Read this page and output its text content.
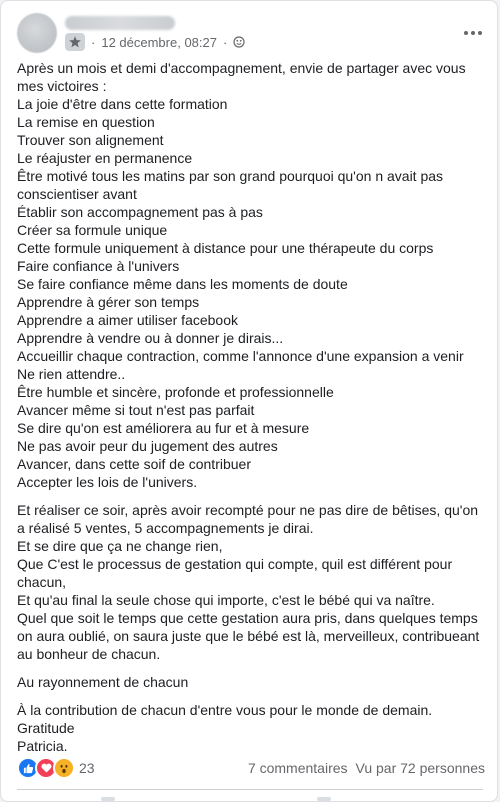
· 12 décembre, 08:27 ·

Après un mois et demi d'accompagnement, envie de partager avec vous mes victoires :
La joie d'être dans cette formation
La remise en question
Trouver son alignement
Le réajuster en permanence
Être motivé tous les matins par son grand pourquoi qu'on n avait pas conscientiser avant
Établir son accompagnement pas à pas
Créer sa formule unique
Cette formule uniquement à distance pour une thérapeute du corps
Faire confiance à l'univers
Se faire confiance même dans les moments de doute
Apprendre à gérer son temps
Apprendre a aimer utiliser facebook
Apprendre à vendre ou à donner je dirais...
Accueillir chaque contraction, comme l'annonce d'une expansion a venir
Ne rien attendre..
Être humble et sincère, profonde et professionnelle
Avancer même si tout n'est pas parfait
Se dire qu'on est améliorera au fur et à mesure
Ne pas avoir peur du jugement des autres
Avancer, dans cette soif de contribuer
Accepter les lois de l'univers.

Et réaliser ce soir, après avoir recompté pour ne pas dire de bêtises, qu'on a réalisé 5 ventes, 5 accompagnements je dirai.
Et se dire que ça ne change rien,
Que C'est le processus de gestation qui compte, quil est différent pour chacun,
Et qu'au final la seule chose qui importe, c'est le bébé qui va naître.
Quel que soit le temps que cette gestation aura pris, dans quelques temps on aura oublié, on saura juste que le bébé est là, merveilleux, contribueant au bonheur de chacun.

Au rayonnement de chacun

À la contribution de chacun d'entre vous pour le monde de demain.
Gratitude
Patricia.

23	7 commentaires Vu par 72 personnes
